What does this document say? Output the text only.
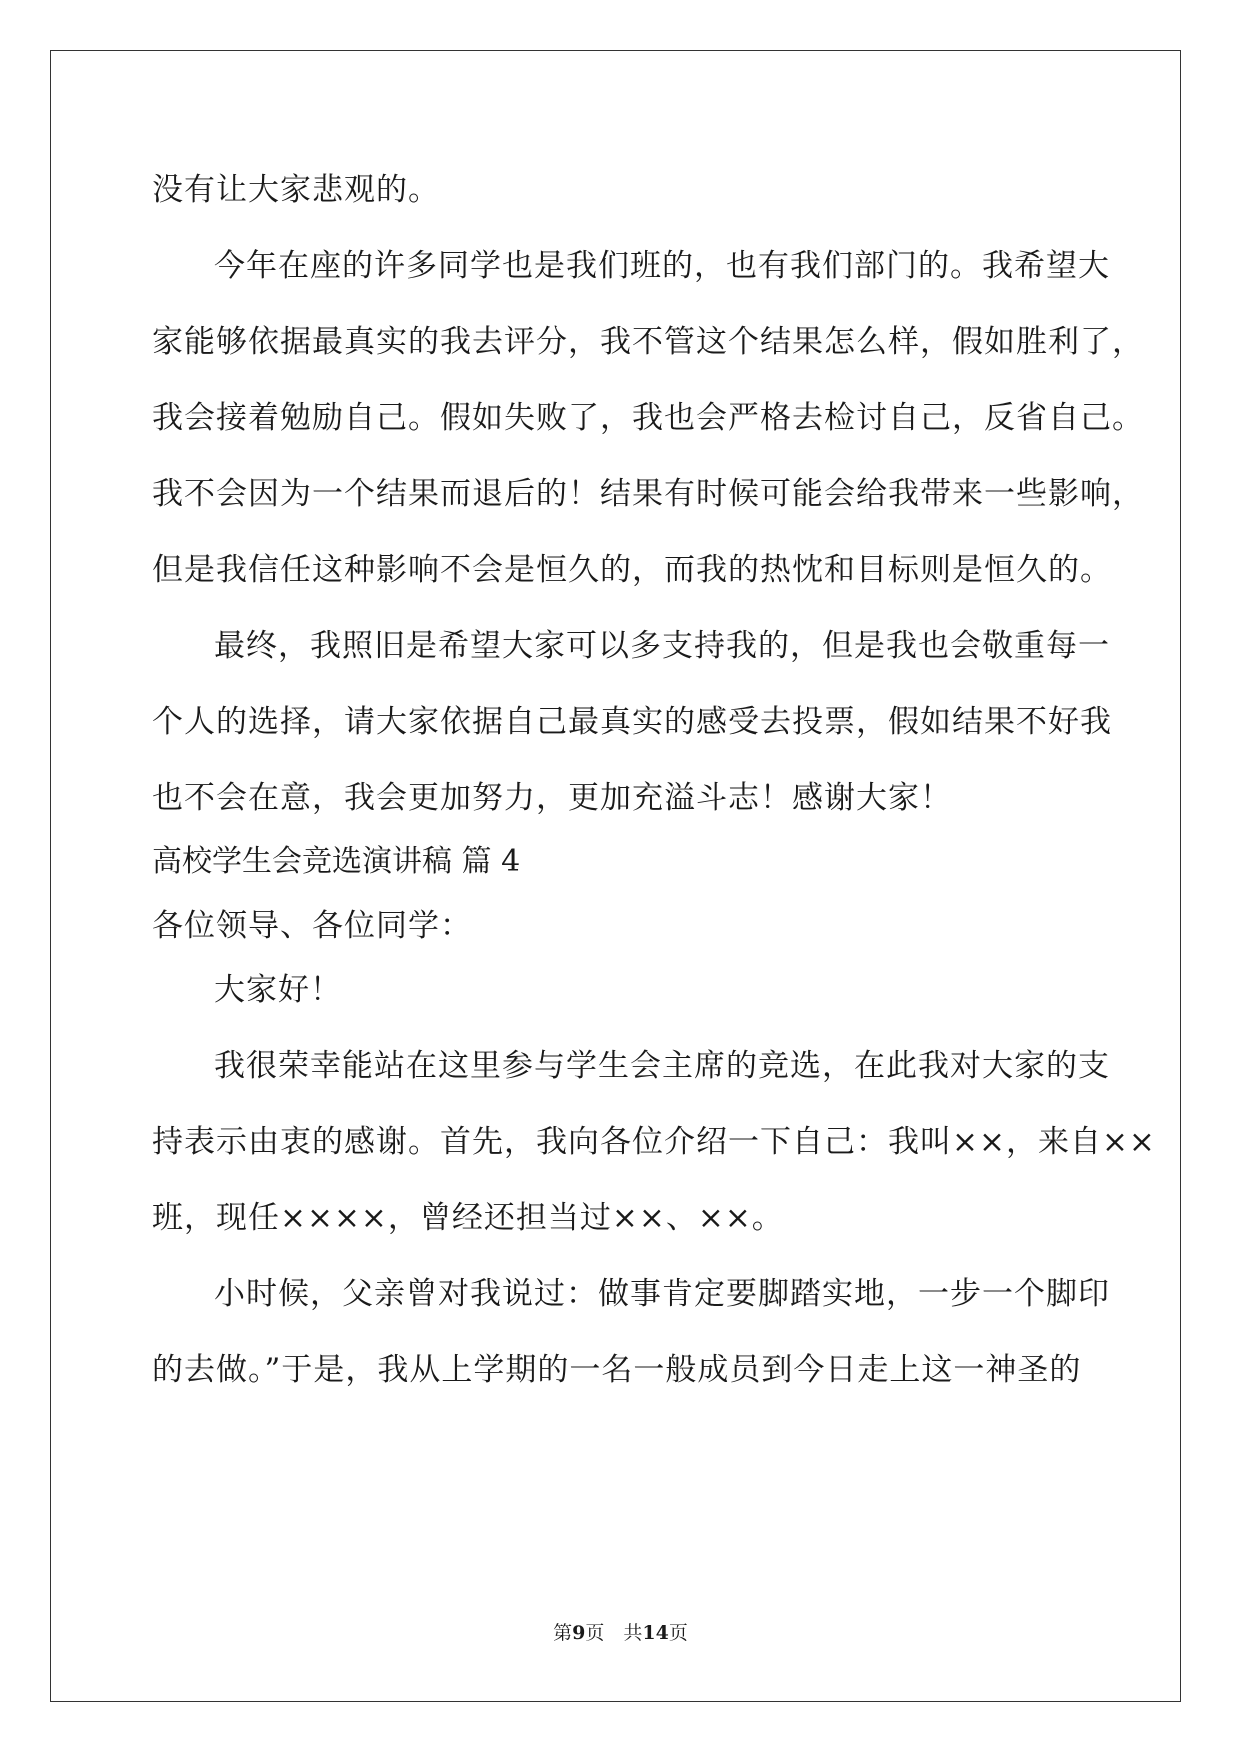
没有让大家悲观的。
今年在座的许多同学也是我们班的，也有我们部门的。我希望大
家能够依据最真实的我去评分，我不管这个结果怎么样，假如胜利了，
我会接着勉励自己。假如失败了，我也会严格去检讨自己，反省自己。
我不会因为一个结果而退后的！结果有时候可能会给我带来一些影响，
但是我信任这种影响不会是恒久的，而我的热忱和目标则是恒久的。
最终，我照旧是希望大家可以多支持我的，但是我也会敬重每一
个人的选择，请大家依据自己最真实的感受去投票，假如结果不好我
也不会在意，我会更加努力，更加充溢斗志！感谢大家！
高校学生会竞选演讲稿 篇 4
各位领导、各位同学：
大家好！
我很荣幸能站在这里参与学生会主席的竞选，在此我对大家的支
持表示由衷的感谢。首先，我向各位介绍一下自己：我叫××，来自××
班，现任××××，曾经还担当过××、××。
小时候，父亲曾对我说过：做事肯定要脚踏实地，一步一个脚印
的去做。”于是，我从上学期的一名一般成员到今日走上这一神圣的
第9页　共14页
